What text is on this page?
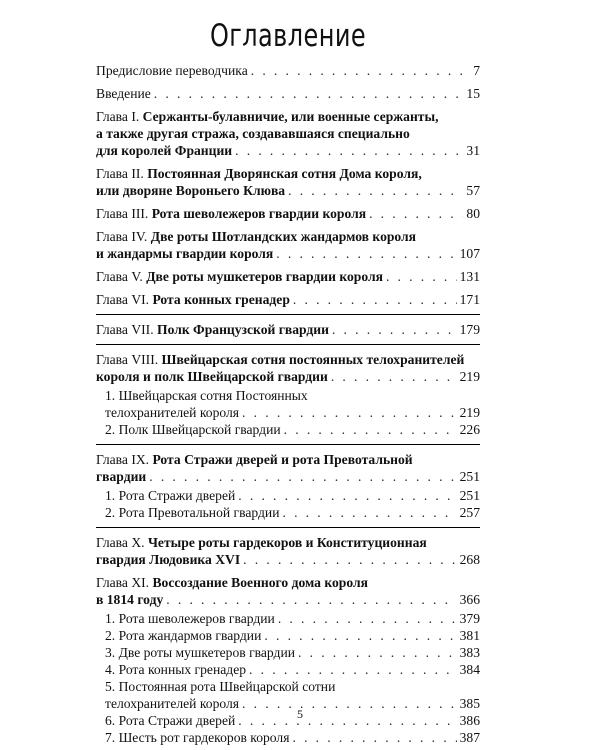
Оглавление
Предисловие переводчика . . .	7
Введение . . .	15
Глава I. Сержанты-булавничие, или военные сержанты,
а также другая стража, создававшаяся специально
для королей Франции . . .	31
Глава II. Постоянная Дворянская сотня Дома короля,
или дворяне Вороньего Клюва . . .	57
Глава III. Рота шеволежеров гвардии короля . . .	80
Глава IV. Две роты Шотландских жандармов короля
и жандармы гвардии короля . . .	107
Глава V. Две роты мушкетеров гвардии короля . . .	131
Глава VI. Рота конных гренадер . . .	171
Глава VII. Полк Французской гвардии . . .	179
Глава VIII. Швейцарская сотня постоянных телохранителей
короля и полк Швейцарской гвардии . . .	219
1. Швейцарская сотня Постоянных
телохранителей короля . . .	219
2. Полк Швейцарской гвардии . . .	226
Глава IX. Рота Стражи дверей и рота Превотальной
гвардии . . .	251
1. Рота Стражи дверей . . .	251
2. Рота Превотальной гвардии . . .	257
Глава X. Четыре роты гардекоров и Конституционная
гвардия Людовика XVI . . .	268
Глава XI. Воссоздание Военного дома короля
в 1814 году . . .	366
1. Рота шеволежеров гвардии . . .	379
2. Рота жандармов гвардии . . .	381
3. Две роты мушкетеров гвардии . . .	383
4. Рота конных гренадер . . .	384
5. Постоянная рота Швейцарской сотни
телохранителей короля . . .	385
6. Рота Стражи дверей . . .	386
7. Шесть рот гардекоров короля . . .	387
5
